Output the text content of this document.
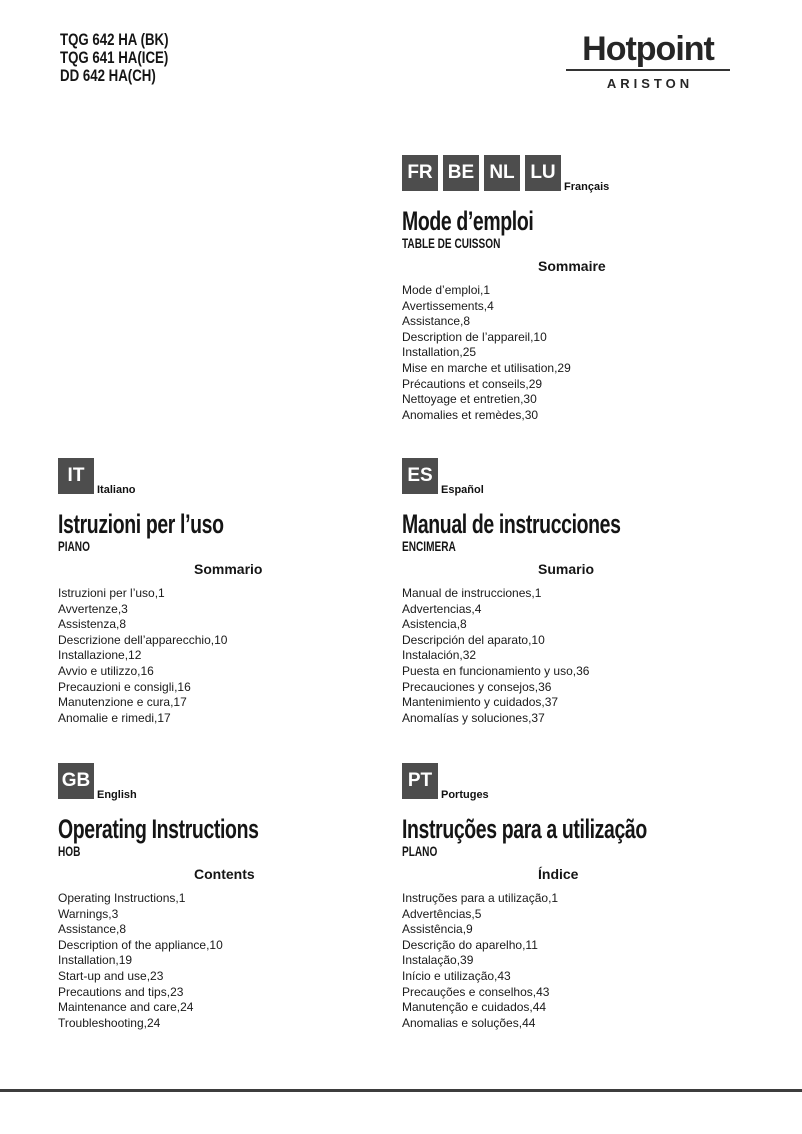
TQG 642 HA (BK)
TQG 641 HA(ICE)
DD 642 HA(CH)
Hotpoint
ARISTON
FR BE NL LU
Français
Mode d’emploi
TABLE DE CUISSON
Sommaire
Mode d’emploi,1
Avertissements,4
Assistance,8
Description de l’appareil,10
Installation,25
Mise en marche et utilisation,29
Précautions et conseils,29
Nettoyage et entretien,30
Anomalies et remèdes,30
IT
Italiano
Istruzioni per l’uso
PIANO
Sommario
Istruzioni per l’uso,1
Avvertenze,3
Assistenza,8
Descrizione dell’apparecchio,10
Installazione,12
Avvio e utilizzo,16
Precauzioni e consigli,16
Manutenzione e cura,17
Anomalie e rimedi,17
ES
Español
Manual de instrucciones
ENCIMERA
Sumario
Manual de instrucciones,1
Advertencias,4
Asistencia,8
Descripción del aparato,10
Instalación,32
Puesta en funcionamiento y uso,36
Precauciones y consejos,36
Mantenimiento y cuidados,37
Anomalías y soluciones,37
GB
English
Operating Instructions
HOB
Contents
Operating Instructions,1
Warnings,3
Assistance,8
Description of the appliance,10
Installation,19
Start-up and use,23
Precautions and tips,23
Maintenance and care,24
Troubleshooting,24
PT
Portuges
Instruções para a utilização
PLANO
Índice
Instruções para a utilização,1
Advertências,5
Assistência,9
Descrição do aparelho,11
Instalação,39
Início e utilização,43
Precauções e conselhos,43
Manutenção e cuidados,44
Anomalias e soluções,44
